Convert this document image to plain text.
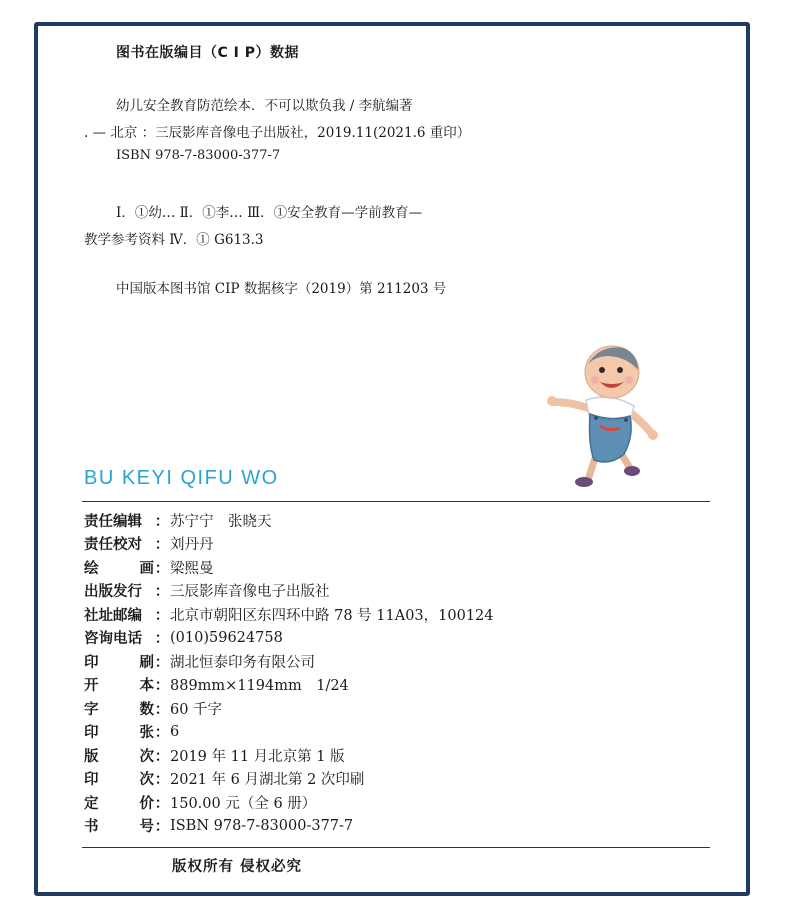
图书在版编目（C I P）数据
幼儿安全教育防范绘本．不可以欺负我 / 李航编著
. — 北京 ：三辰影库音像电子出版社，2019.11(2021.6 重印）
ISBN 978-7-83000-377-7
Ⅰ．①幼… Ⅱ．①李… Ⅲ．①安全教育—学前教育—
教学参考资料 Ⅳ．① G613.3
中国版本图书馆 CIP 数据核字（2019）第 211203 号
BU KEYI QIFU WO
责任编辑 ： 苏宁宁　张晓天
责任校对 ： 刘丹丹
绘	画 ： 梁熙曼
出版发行 ： 三辰影库音像电子出版社
社址邮编 ： 北京市朝阳区东四环中路 78 号 11A03，100124
咨询电话 ： (010)59624758
印	刷 ： 湖北恒泰印务有限公司
开	本 ： 889mm×1194mm　1/24
字	数 ： 60 千字
印	张 ： 6
版	次 ： 2019 年 11 月北京第 1 版
印	次 ： 2021 年 6 月湖北第 2 次印刷
定	价 ： 150.00 元（全 6 册）
书	号 ： ISBN 978-7-83000-377-7
版权所有 侵权必究
